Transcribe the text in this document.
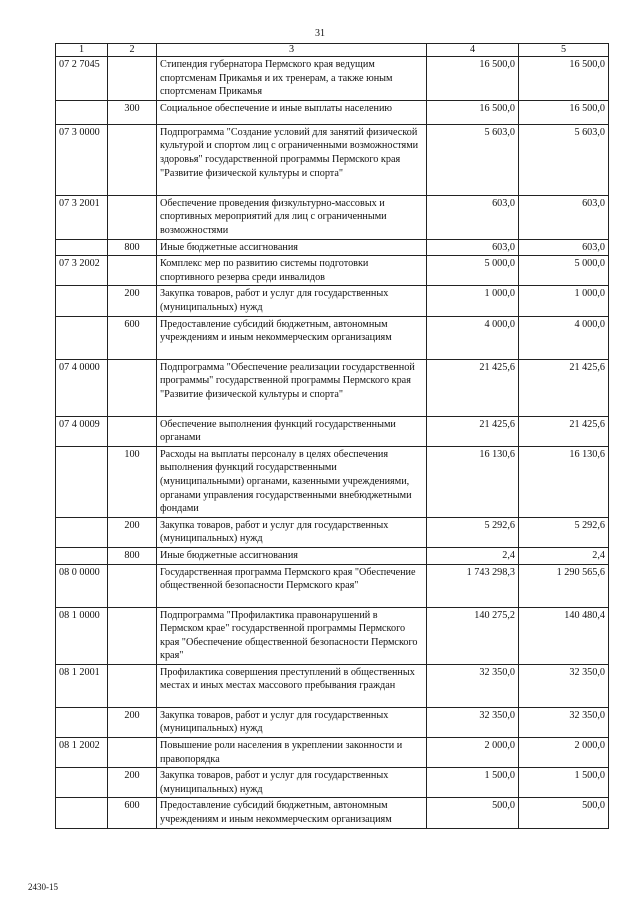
31
1	2	3	4	5
07 2 7045		Стипендия губернатора Пермского края ведущим спортсменам Прикамья и их тренерам, а также юным спортсменам Прикамья	16 500,0	16 500,0
	300	Социальное обеспечение и иные выплаты населению	16 500,0	16 500,0
07 3 0000		Подпрограмма "Создание условий для занятий физической культурой и спортом лиц с ограниченными возможностями здоровья" государственной программы Пермского края "Развитие физической культуры и спорта"	5 603,0	5 603,0
07 3 2001		Обеспечение проведения физкультурно-массовых и спортивных мероприятий для лиц с ограниченными возможностями	603,0	603,0
	800	Иные бюджетные ассигнования	603,0	603,0
07 3 2002		Комплекс мер по развитию системы подготовки спортивного резерва среди инвалидов	5 000,0	5 000,0
	200	Закупка товаров, работ и услуг для государственных (муниципальных) нужд	1 000,0	1 000,0
	600	Предоставление субсидий бюджетным, автономным учреждениям и иным некоммерческим организациям	4 000,0	4 000,0
07 4 0000		Подпрограмма "Обеспечение реализации государственной программы" государственной программы Пермского края "Развитие физической культуры и спорта"	21 425,6	21 425,6
07 4 0009		Обеспечение выполнения функций государственными органами	21 425,6	21 425,6
	100	Расходы на выплаты персоналу в целях обеспечения выполнения функций государственными (муниципальными) органами, казенными учреждениями, органами управления государственными внебюджетными фондами	16 130,6	16 130,6
	200	Закупка товаров, работ и услуг для государственных (муниципальных) нужд	5 292,6	5 292,6
	800	Иные бюджетные ассигнования	2,4	2,4
08 0 0000		Государственная программа Пермского края "Обеспечение общественной безопасности Пермского края"	1 743 298,3	1 290 565,6
08 1 0000		Подпрограмма "Профилактика правонарушений в Пермском крае" государственной программы Пермского края "Обеспечение общественной безопасности Пермского края"	140 275,2	140 480,4
08 1 2001		Профилактика совершения преступлений в общественных местах и иных местах массового пребывания граждан	32 350,0	32 350,0
	200	Закупка товаров, работ и услуг для государственных (муниципальных) нужд	32 350,0	32 350,0
08 1 2002		Повышение роли населения в укреплении законности и правопорядка	2 000,0	2 000,0
	200	Закупка товаров, работ и услуг для государственных (муниципальных) нужд	1 500,0	1 500,0
	600	Предоставление субсидий бюджетным, автономным учреждениям и иным некоммерческим организациям	500,0	500,0
2430-15
